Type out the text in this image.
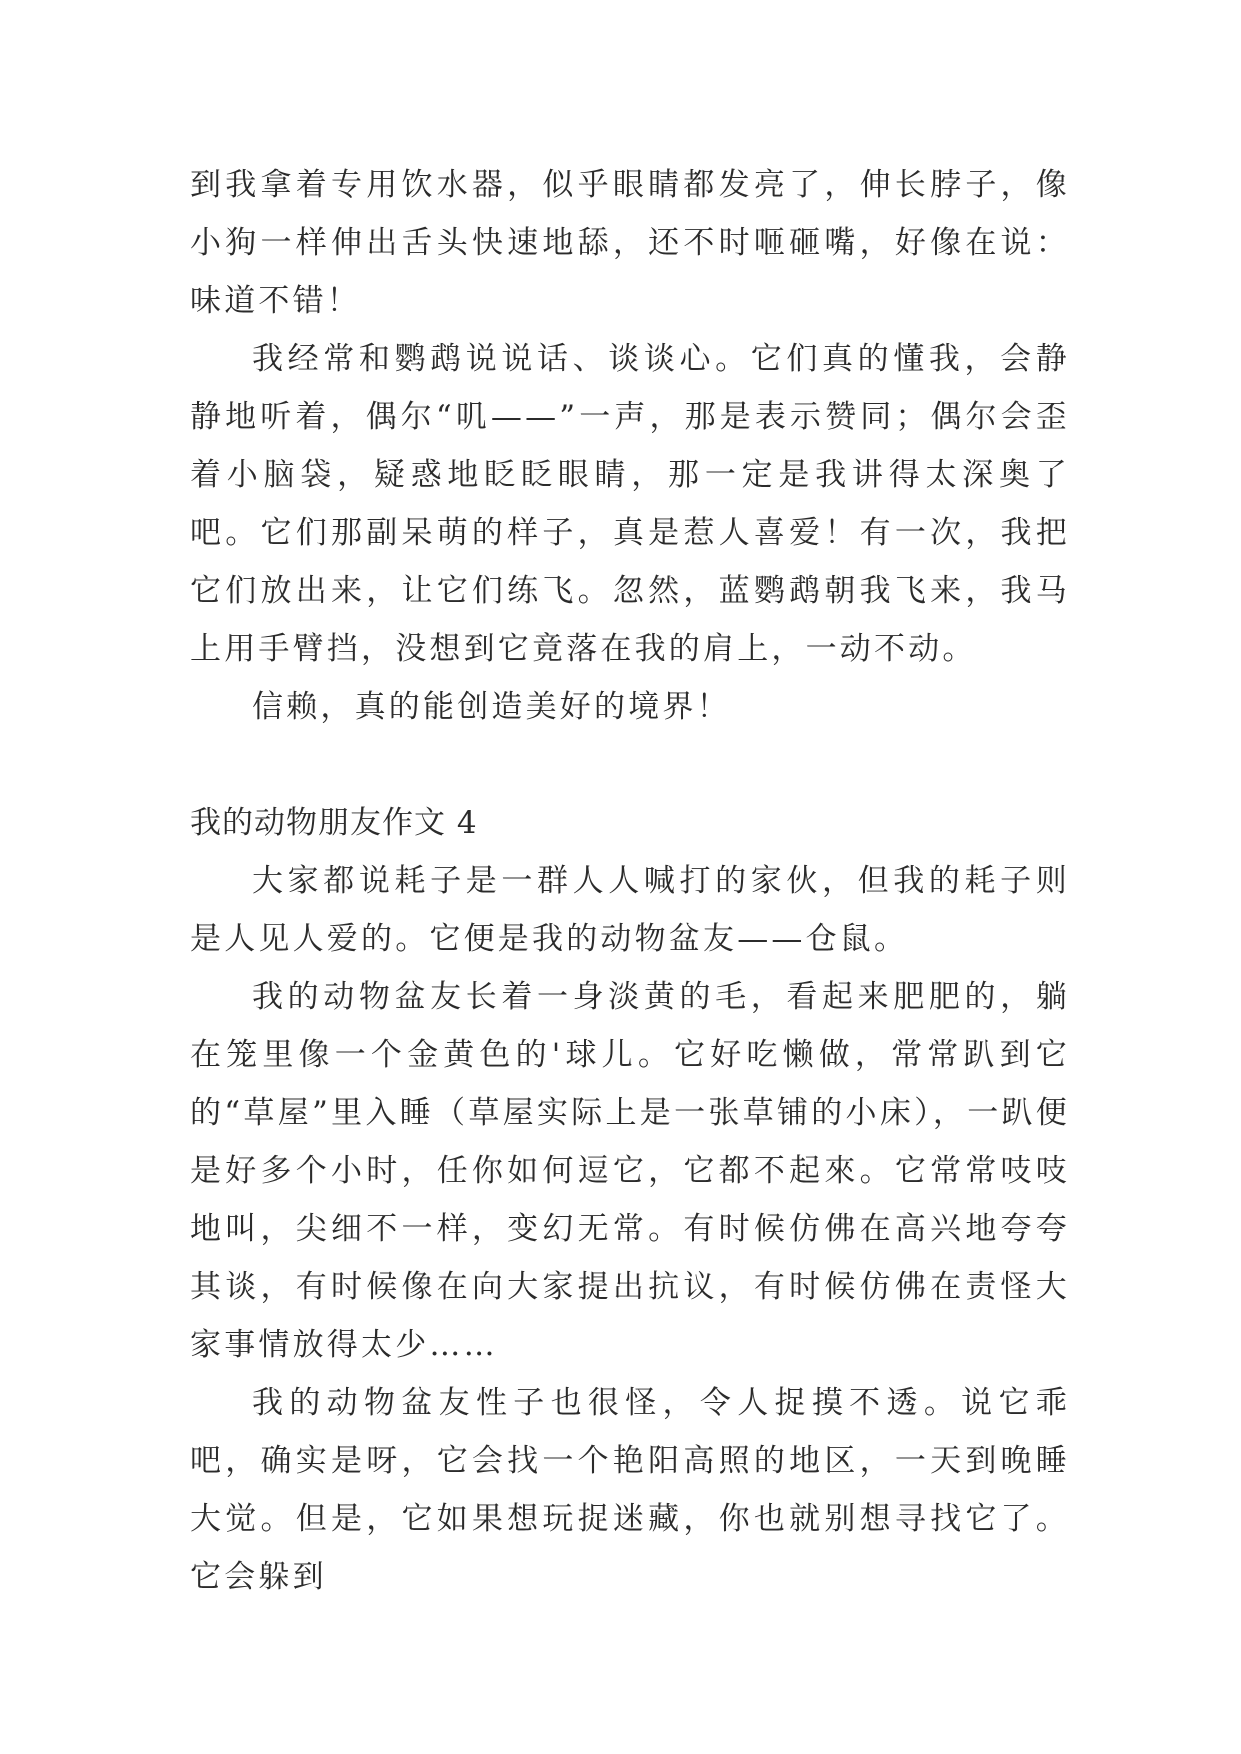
到我拿着专用饮水器，似乎眼睛都发亮了，伸长脖子，像小狗一样伸出舌头快速地舔，还不时咂砸嘴，好像在说：味道不错！

我经常和鹦鹉说说话、谈谈心。它们真的懂我，会静静地听着，偶尔“叽——”一声，那是表示赞同；偶尔会歪着小脑袋，疑惑地眨眨眼睛，那一定是我讲得太深奥了吧。它们那副呆萌的样子，真是惹人喜爱！有一次，我把它们放出来，让它们练飞。忽然，蓝鹦鹉朝我飞来，我马上用手臂挡，没想到它竟落在我的肩上，一动不动。

信赖，真的能创造美好的境界！

我的动物朋友作文 4

大家都说耗子是一群人人喊打的家伙，但我的耗子则是人见人爱的。它便是我的动物盆友——仓鼠。

我的动物盆友长着一身淡黄的毛，看起来肥肥的，躺在笼里像一个金黄色的'球儿。它好吃懒做，常常趴到它的“草屋”里入睡（草屋实际上是一张草铺的小床），一趴便是好多个小时，任你如何逗它，它都不起來。它常常吱吱地叫，尖细不一样，变幻无常。有时候仿佛在高兴地夸夸其谈，有时候像在向大家提出抗议，有时候仿佛在责怪大家事情放得太少……

我的动物盆友性子也很怪，令人捉摸不透。说它乖吧，确实是呀，它会找一个艳阳高照的地区，一天到晚睡大觉。但是，它如果想玩捉迷藏，你也就别想寻找它了。它会躲到
